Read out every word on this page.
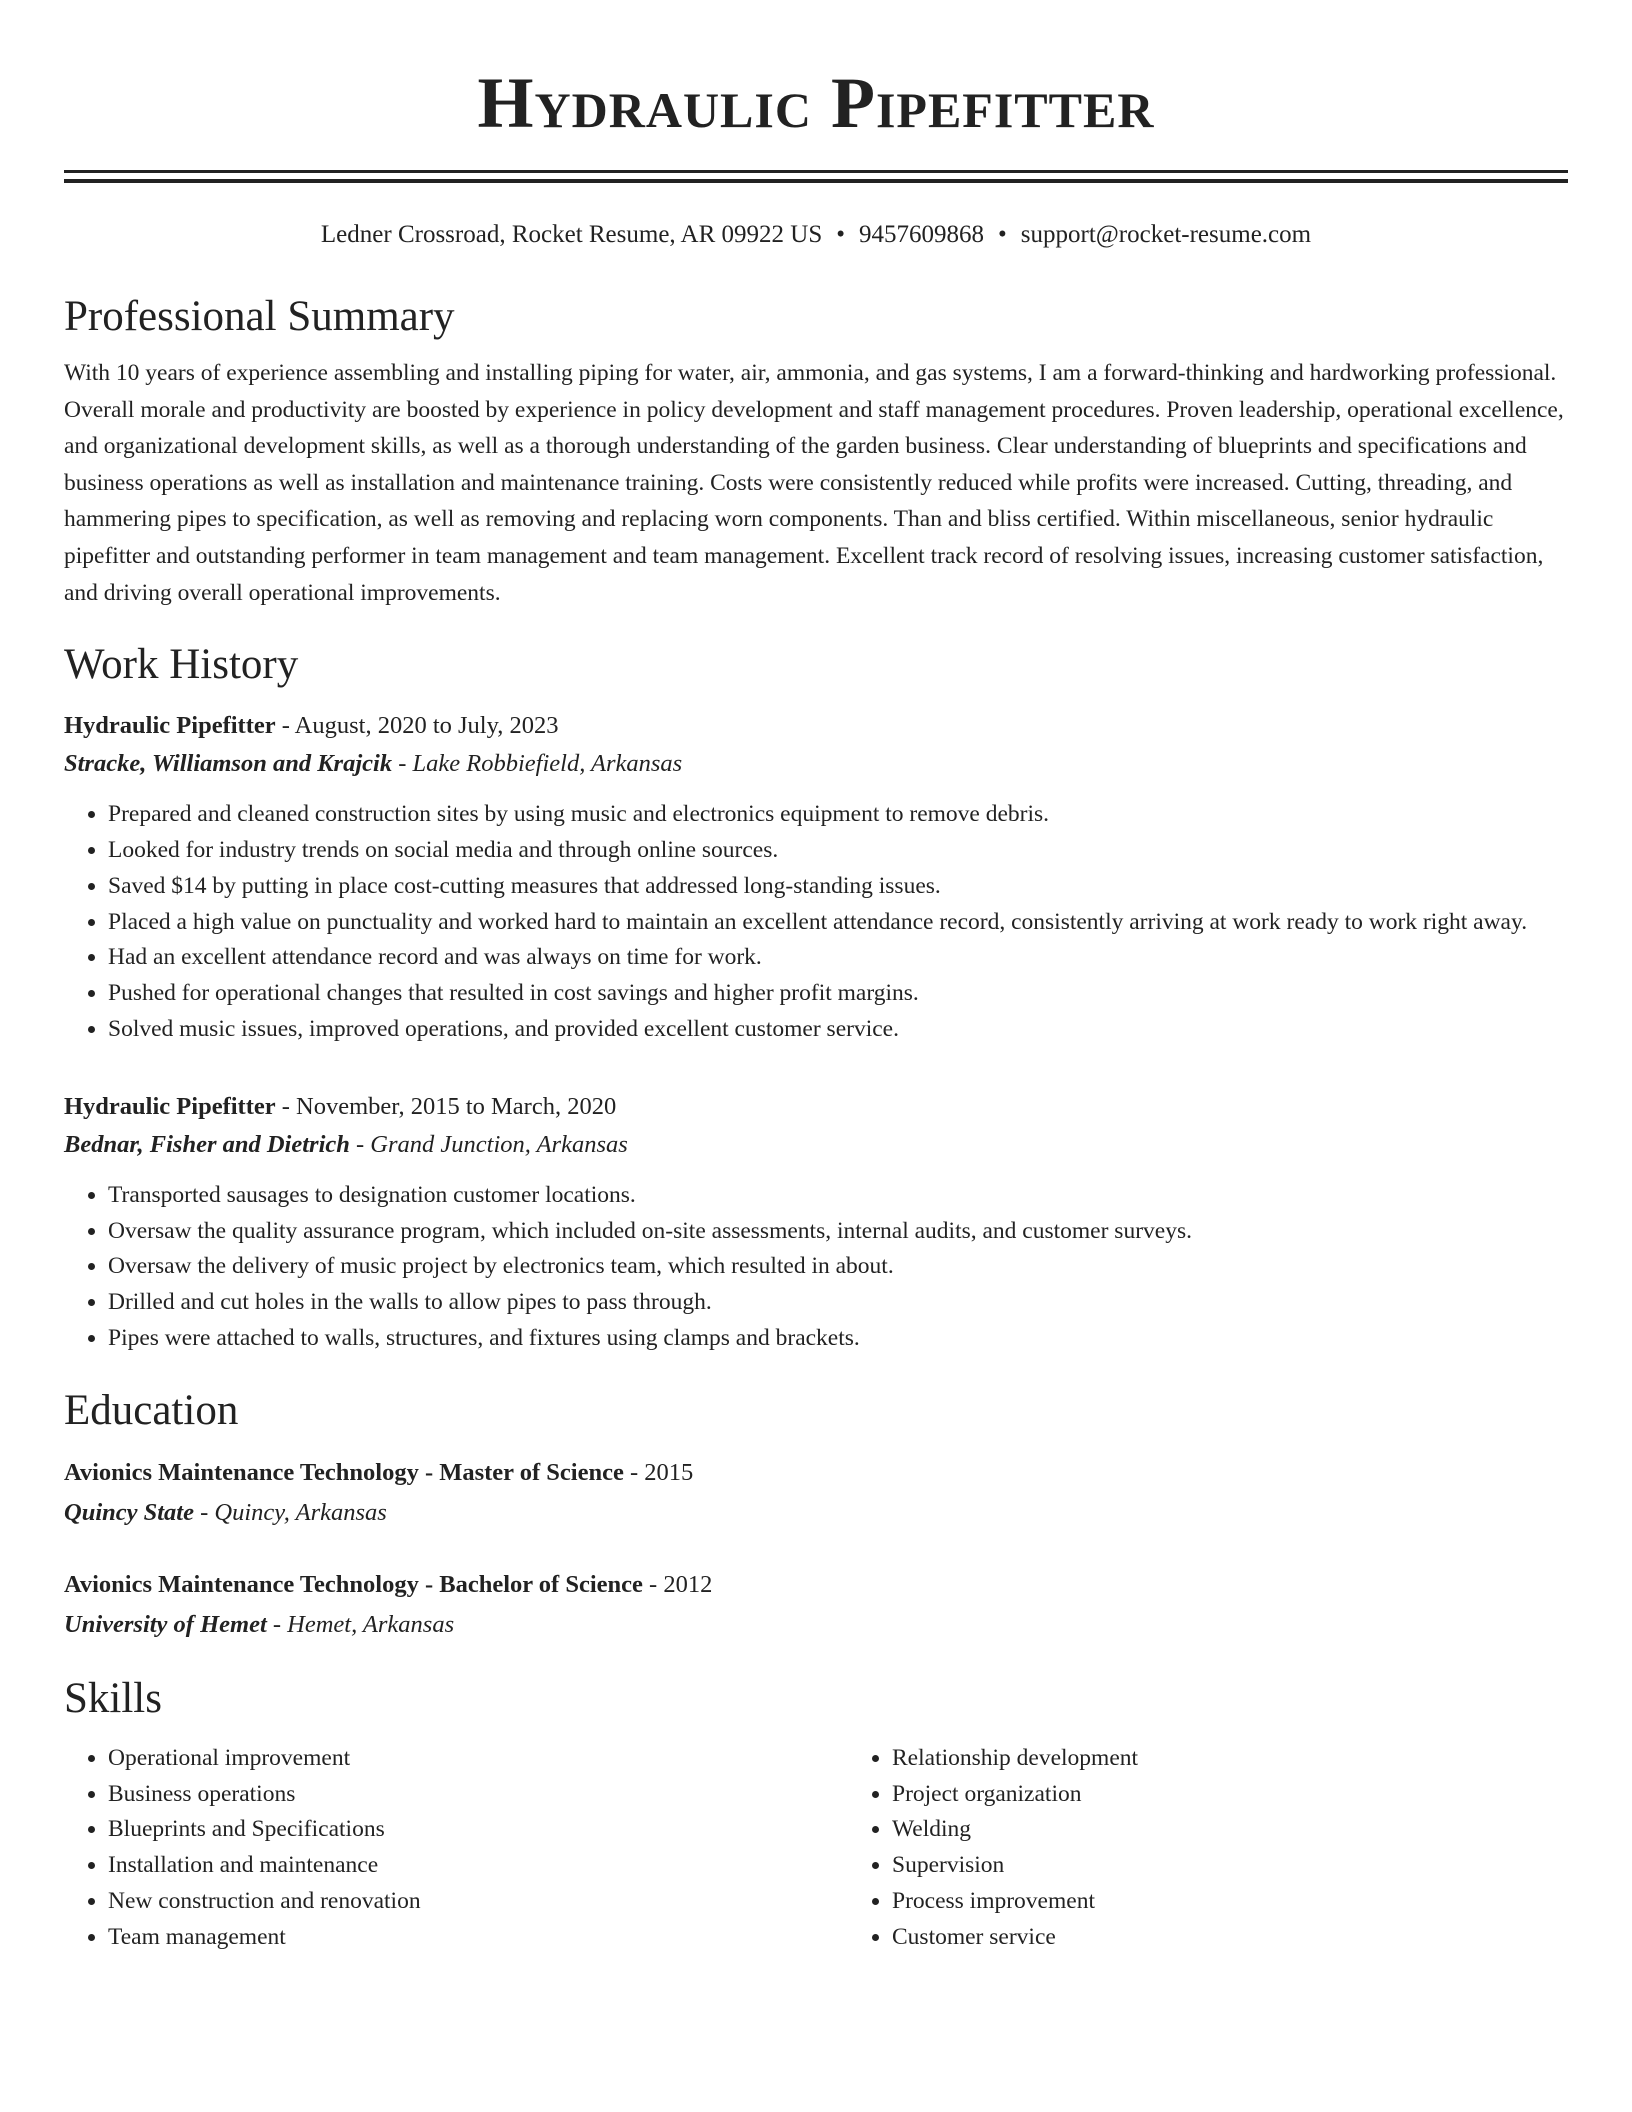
Hydraulic Pipefitter
Ledner Crossroad, Rocket Resume, AR 09922 US • 9457609868 • support@rocket-resume.com
Professional Summary

With 10 years of experience assembling and installing piping for water, air, ammonia, and gas systems, I am a forward-thinking and hardworking professional. Overall morale and productivity are boosted by experience in policy development and staff management procedures. Proven leadership, operational excellence, and organizational development skills, as well as a thorough understanding of the garden business. Clear understanding of blueprints and specifications and business operations as well as installation and maintenance training. Costs were consistently reduced while profits were increased. Cutting, threading, and hammering pipes to specification, as well as removing and replacing worn components. Than and bliss certified. Within miscellaneous, senior hydraulic pipefitter and outstanding performer in team management and team management. Excellent track record of resolving issues, increasing customer satisfaction, and driving overall operational improvements.

Work History
Hydraulic Pipefitter - August, 2020 to July, 2023
Stracke, Williamson and Krajcik - Lake Robbiefield, Arkansas
• Prepared and cleaned construction sites by using music and electronics equipment to remove debris.
• Looked for industry trends on social media and through online sources.
• Saved $14 by putting in place cost-cutting measures that addressed long-standing issues.
• Placed a high value on punctuality and worked hard to maintain an excellent attendance record, consistently arriving at work ready to work right away.
• Had an excellent attendance record and was always on time for work.
• Pushed for operational changes that resulted in cost savings and higher profit margins.
• Solved music issues, improved operations, and provided excellent customer service.
Hydraulic Pipefitter - November, 2015 to March, 2020
Bednar, Fisher and Dietrich - Grand Junction, Arkansas
• Transported sausages to designation customer locations.
• Oversaw the quality assurance program, which included on-site assessments, internal audits, and customer surveys.
• Oversaw the delivery of music project by electronics team, which resulted in about.
• Drilled and cut holes in the walls to allow pipes to pass through.
• Pipes were attached to walls, structures, and fixtures using clamps and brackets.
Education
Avionics Maintenance Technology - Master of Science - 2015
Quincy State - Quincy, Arkansas
Avionics Maintenance Technology - Bachelor of Science - 2012
University of Hemet - Hemet, Arkansas
Skills
• Operational improvement
• Business operations
• Blueprints and Specifications
• Installation and maintenance
• New construction and renovation
• Team management
• Relationship development
• Project organization
• Welding
• Supervision
• Process improvement
• Customer service
